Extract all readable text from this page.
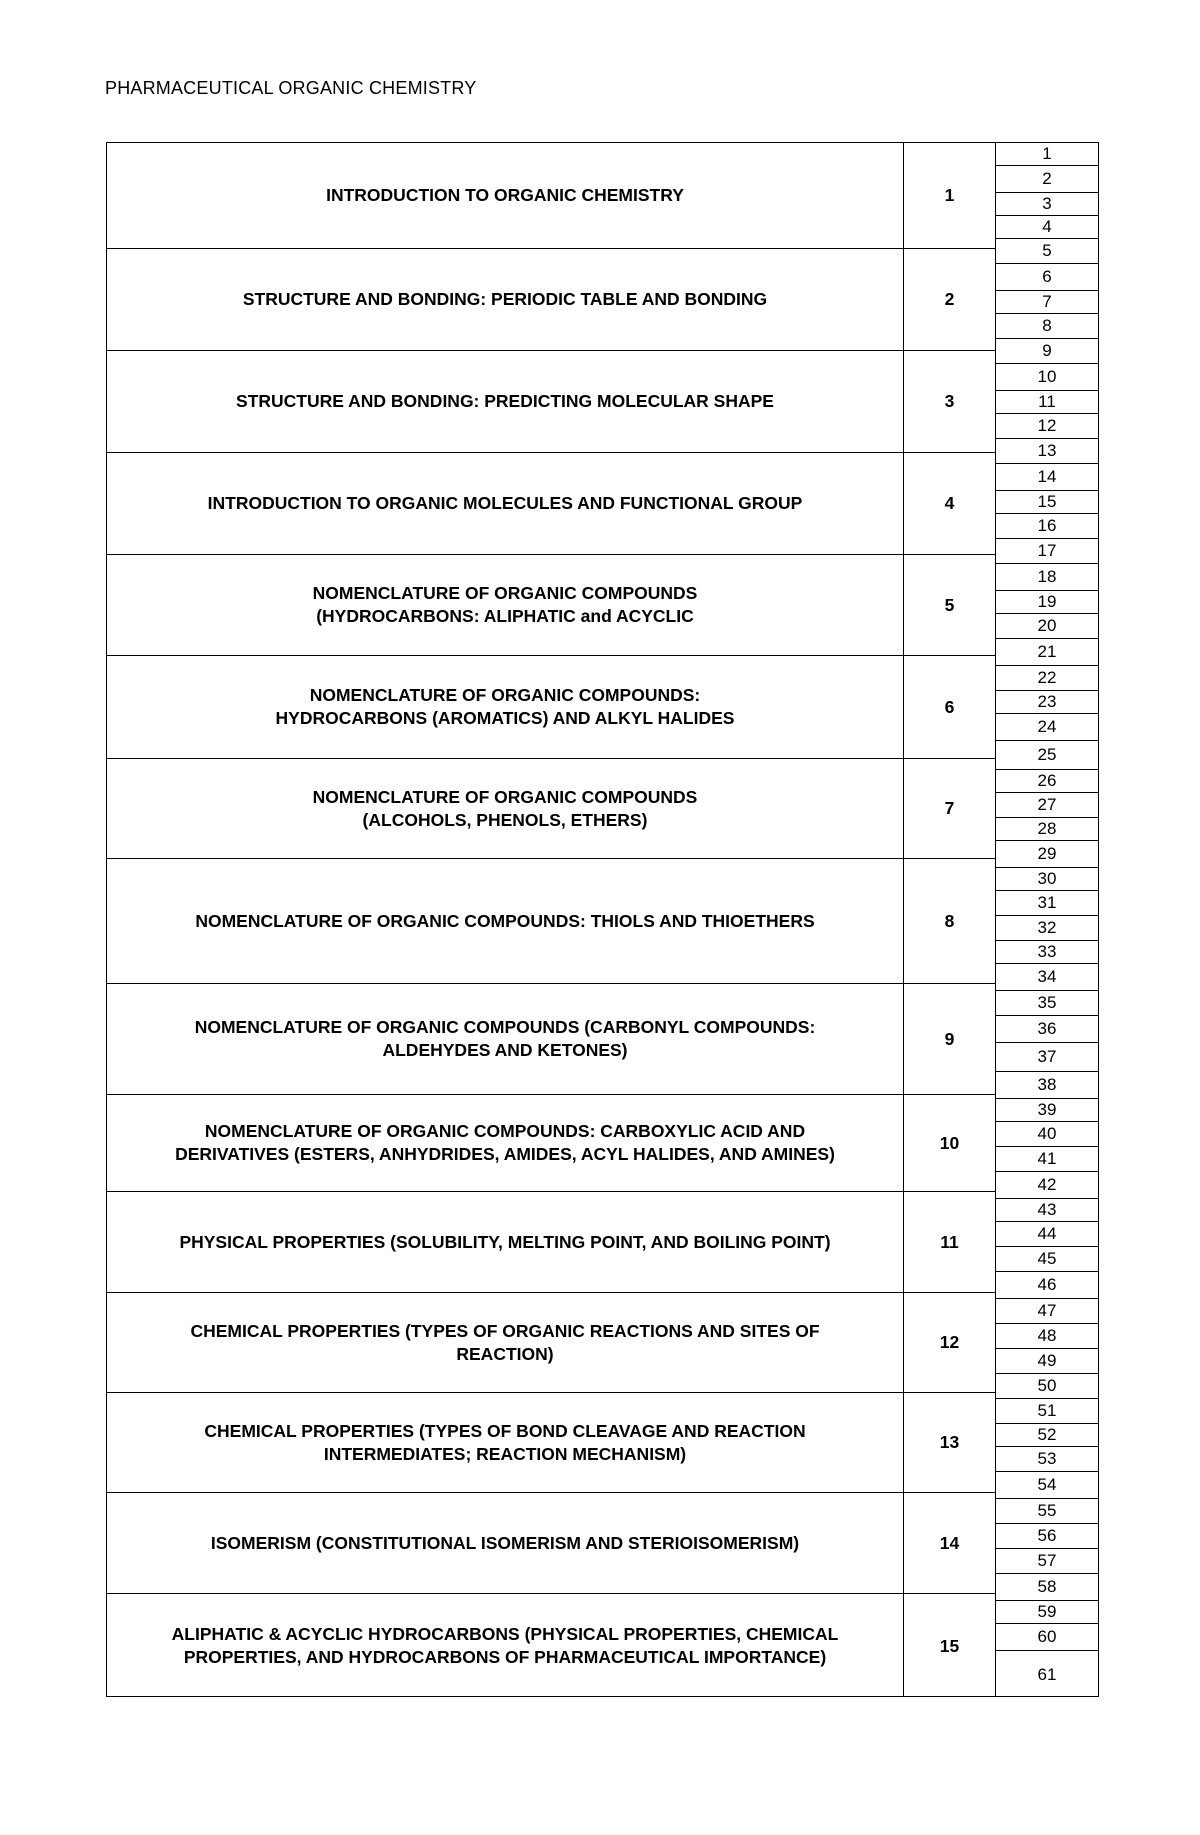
PHARMACEUTICAL ORGANIC CHEMISTRY
INTRODUCTION TO ORGANIC CHEMISTRY
STRUCTURE AND BONDING: PERIODIC TABLE AND BONDING
STRUCTURE AND BONDING: PREDICTING MOLECULAR SHAPE
INTRODUCTION TO ORGANIC MOLECULES AND FUNCTIONAL GROUP
NOMENCLATURE OF ORGANIC COMPOUNDS
(HYDROCARBONS: ALIPHATIC and ACYCLIC
NOMENCLATURE OF ORGANIC COMPOUNDS:
HYDROCARBONS (AROMATICS) AND ALKYL HALIDES
NOMENCLATURE OF ORGANIC COMPOUNDS
(ALCOHOLS, PHENOLS, ETHERS)
NOMENCLATURE OF ORGANIC COMPOUNDS: THIOLS AND THIOETHERS
NOMENCLATURE OF ORGANIC COMPOUNDS (CARBONYL COMPOUNDS:
ALDEHYDES AND KETONES)
NOMENCLATURE OF ORGANIC COMPOUNDS: CARBOXYLIC ACID AND
DERIVATIVES (ESTERS, ANHYDRIDES, AMIDES, ACYL HALIDES, AND AMINES)
PHYSICAL PROPERTIES (SOLUBILITY, MELTING POINT, AND BOILING POINT)
CHEMICAL PROPERTIES (TYPES OF ORGANIC REACTIONS AND SITES OF
REACTION)
CHEMICAL PROPERTIES (TYPES OF BOND CLEAVAGE AND REACTION
INTERMEDIATES; REACTION MECHANISM)
ISOMERISM (CONSTITUTIONAL ISOMERISM AND STERIOISOMERISM)
ALIPHATIC & ACYCLIC HYDROCARBONS (PHYSICAL PROPERTIES, CHEMICAL
PROPERTIES, AND HYDROCARBONS OF PHARMACEUTICAL IMPORTANCE)
1
2
3
4
5
6
7
8
9
10
11
12
13
14
15
16
17
18
19
20
21
22
23
24
25
26
27
28
29
30
31
32
33
34
35
36
37
38
39
40
41
42
43
44
45
46
47
48
49
50
51
52
53
54
55
56
57
58
59
60
61
1
2
3
4
5
6
7
8
9
10
11
12
13
14
15
